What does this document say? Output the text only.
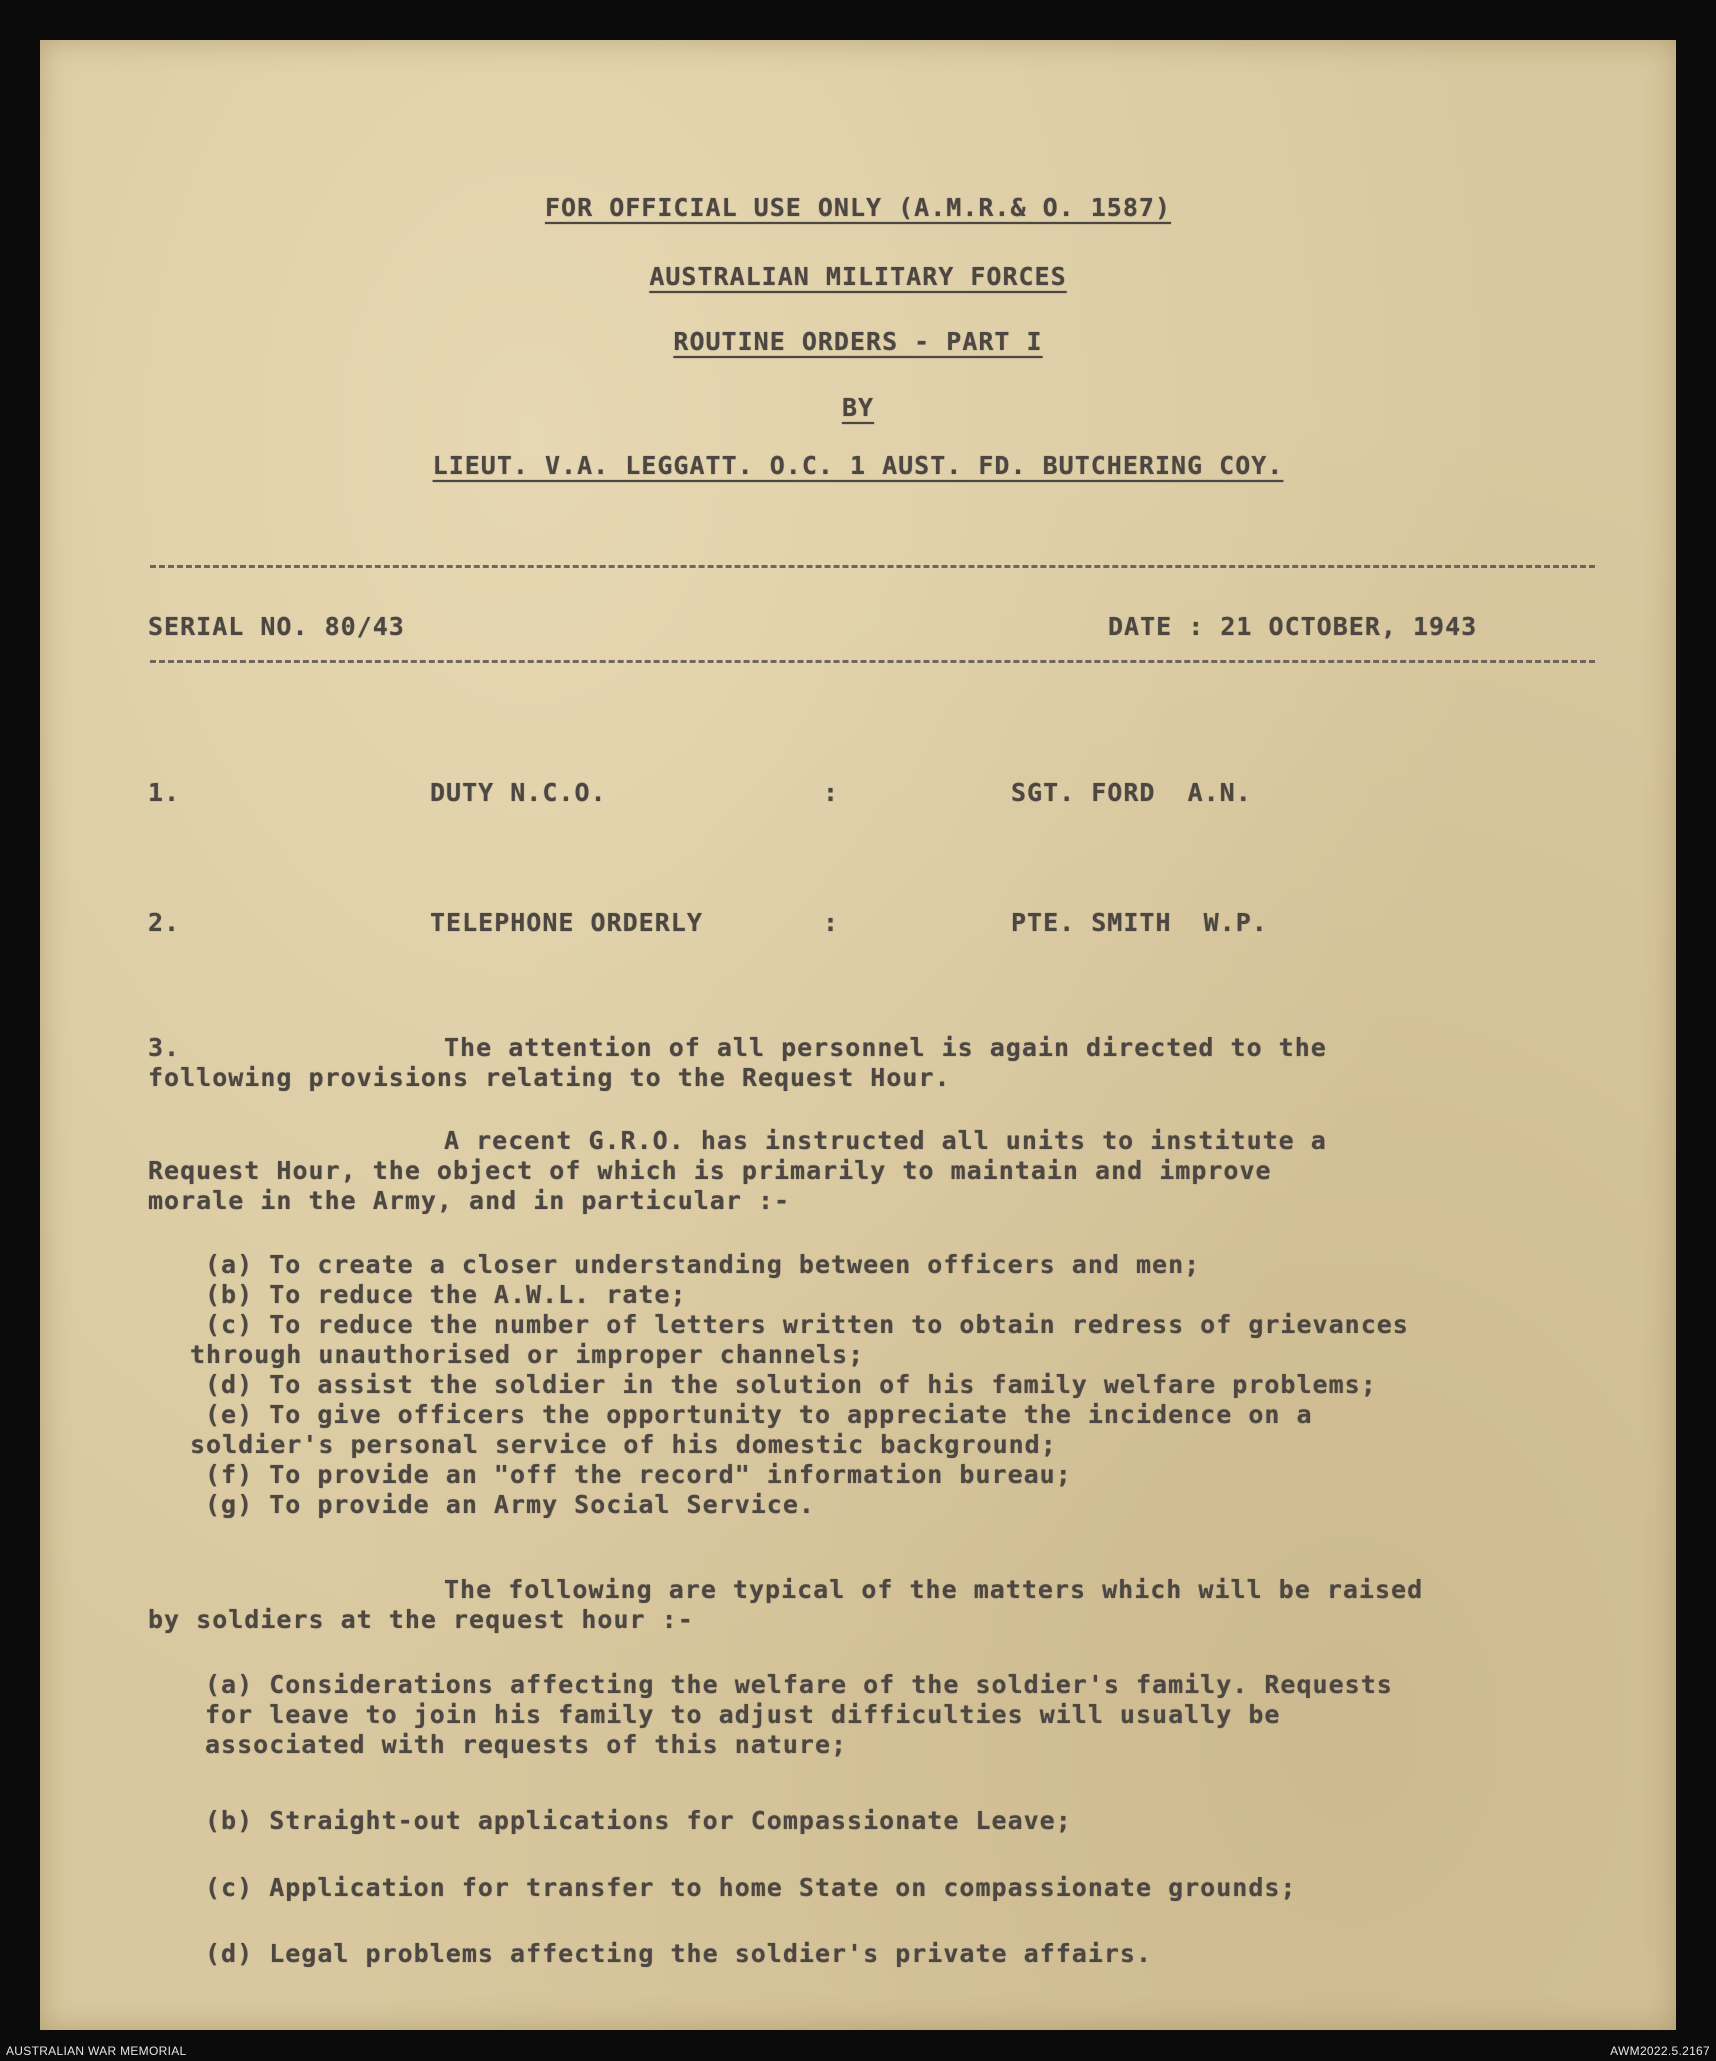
FOR OFFICIAL USE ONLY (A.M.R.& O. 1587)
AUSTRALIAN MILITARY FORCES
ROUTINE ORDERS - PART I
BY
LIEUT. V.A. LEGGATT. O.C. 1 AUST. FD. BUTCHERING COY.
SERIAL NO. 80/43	DATE : 21 OCTOBER, 1943
1.	DUTY N.C.O.	:	SGT. FORD  A.N.
2.	TELEPHONE ORDERLY	:	PTE. SMITH  W.P.
3.	The attention of all personnel is again directed to the
following provisions relating to the Request Hour.
A recent G.R.O. has instructed all units to institute a
Request Hour, the object of which is primarily to maintain and improve
morale in the Army, and in particular :-
(a) To create a closer understanding between officers and men;
(b) To reduce the A.W.L. rate;
(c) To reduce the number of letters written to obtain redress of grievances
through unauthorised or improper channels;
(d) To assist the soldier in the solution of his family welfare problems;
(e) To give officers the opportunity to appreciate the incidence on a
soldier's personal service of his domestic background;
(f) To provide an "off the record" information bureau;
(g) To provide an Army Social Service.
The following are typical of the matters which will be raised
by soldiers at the request hour :-
(a) Considerations affecting the welfare of the soldier's family. Requests
for leave to join his family to adjust difficulties will usually be
associated with requests of this nature;
(b) Straight-out applications for Compassionate Leave;
(c) Application for transfer to home State on compassionate grounds;
(d) Legal problems affecting the soldier's private affairs.
AUSTRALIAN WAR MEMORIAL	AWM2022.5.2167
